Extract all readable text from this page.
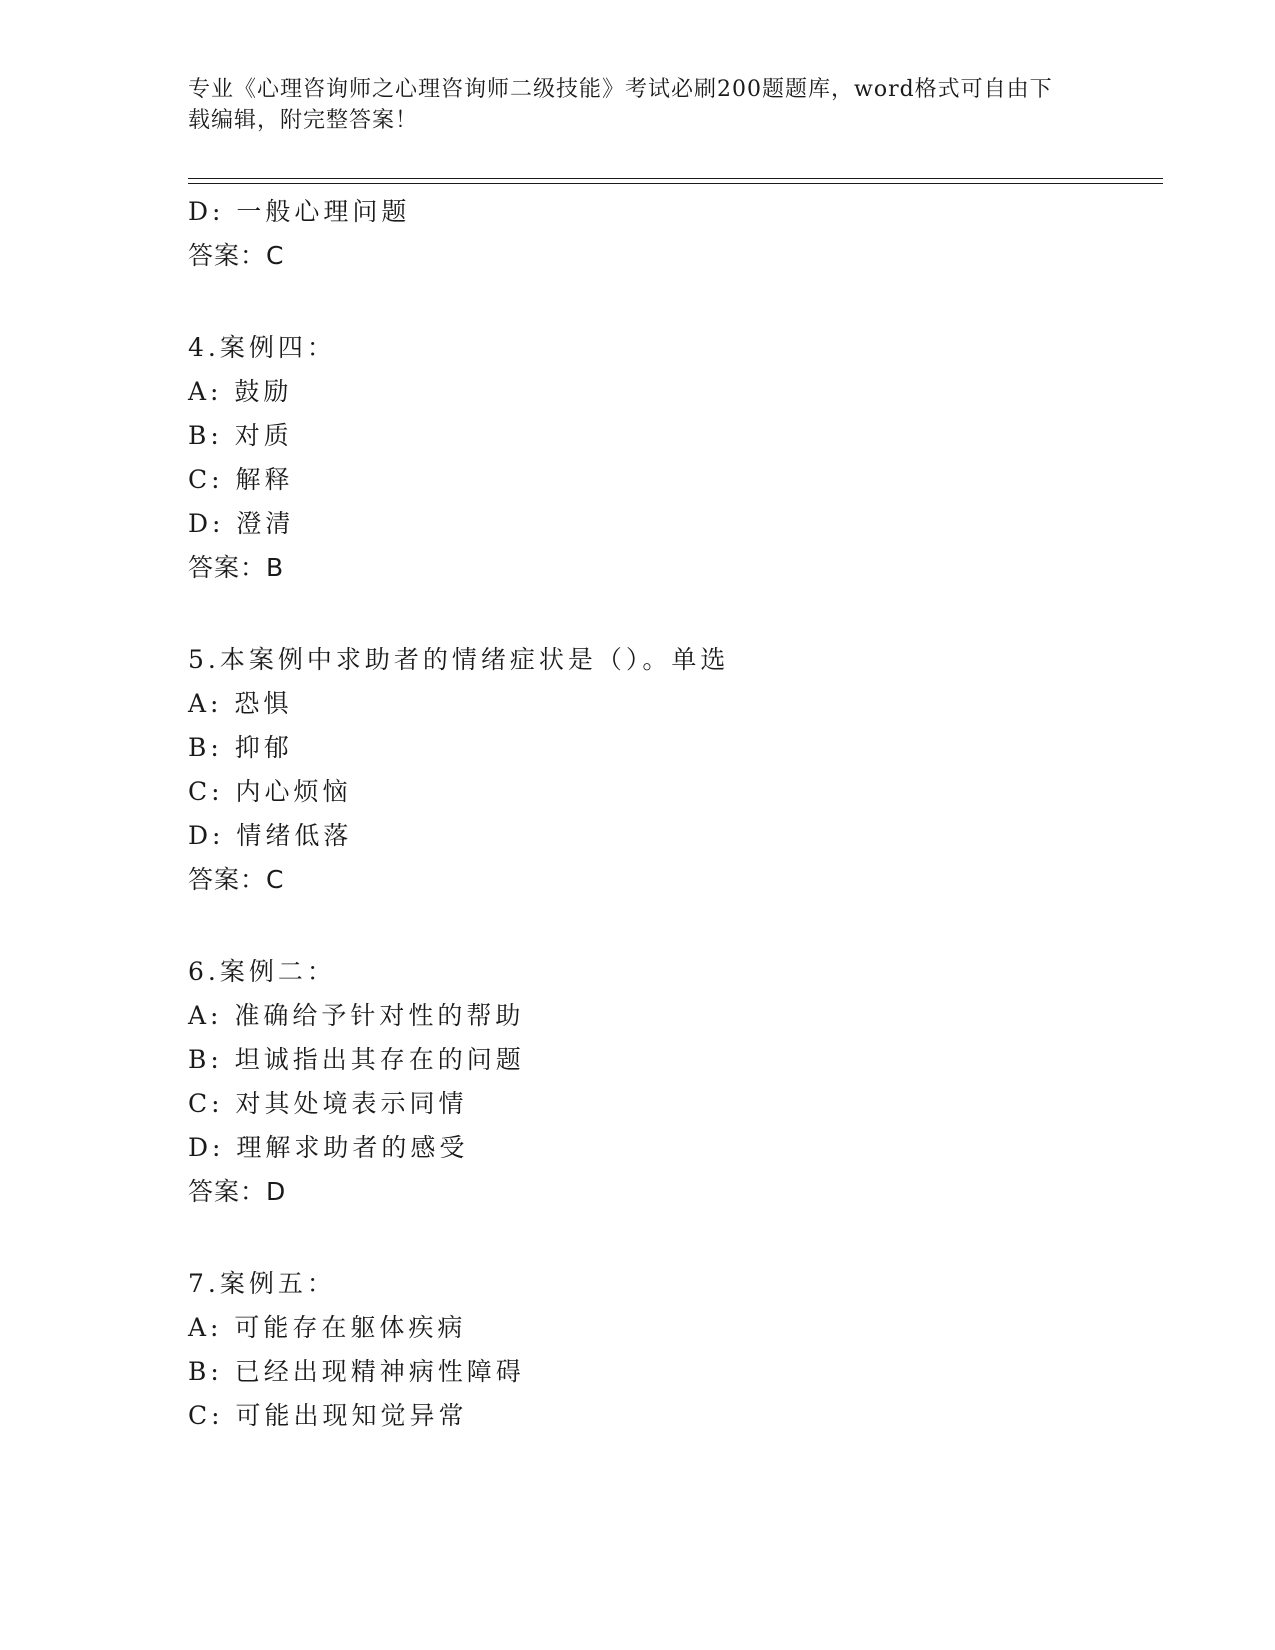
专业《心理咨询师之心理咨询师二级技能》考试必刷200题题库，word格式可自由下载编辑，附完整答案！
D: 一般心理问题
答案：C
4.案例四：
A: 鼓励
B: 对质
C: 解释
D: 澄清
答案：B
5.本案例中求助者的情绪症状是（）。单选
A: 恐惧
B: 抑郁
C: 内心烦恼
D: 情绪低落
答案：C
6.案例二：
A: 准确给予针对性的帮助
B: 坦诚指出其存在的问题
C: 对其处境表示同情
D: 理解求助者的感受
答案：D
7.案例五：
A: 可能存在躯体疾病
B: 已经出现精神病性障碍
C: 可能出现知觉异常
